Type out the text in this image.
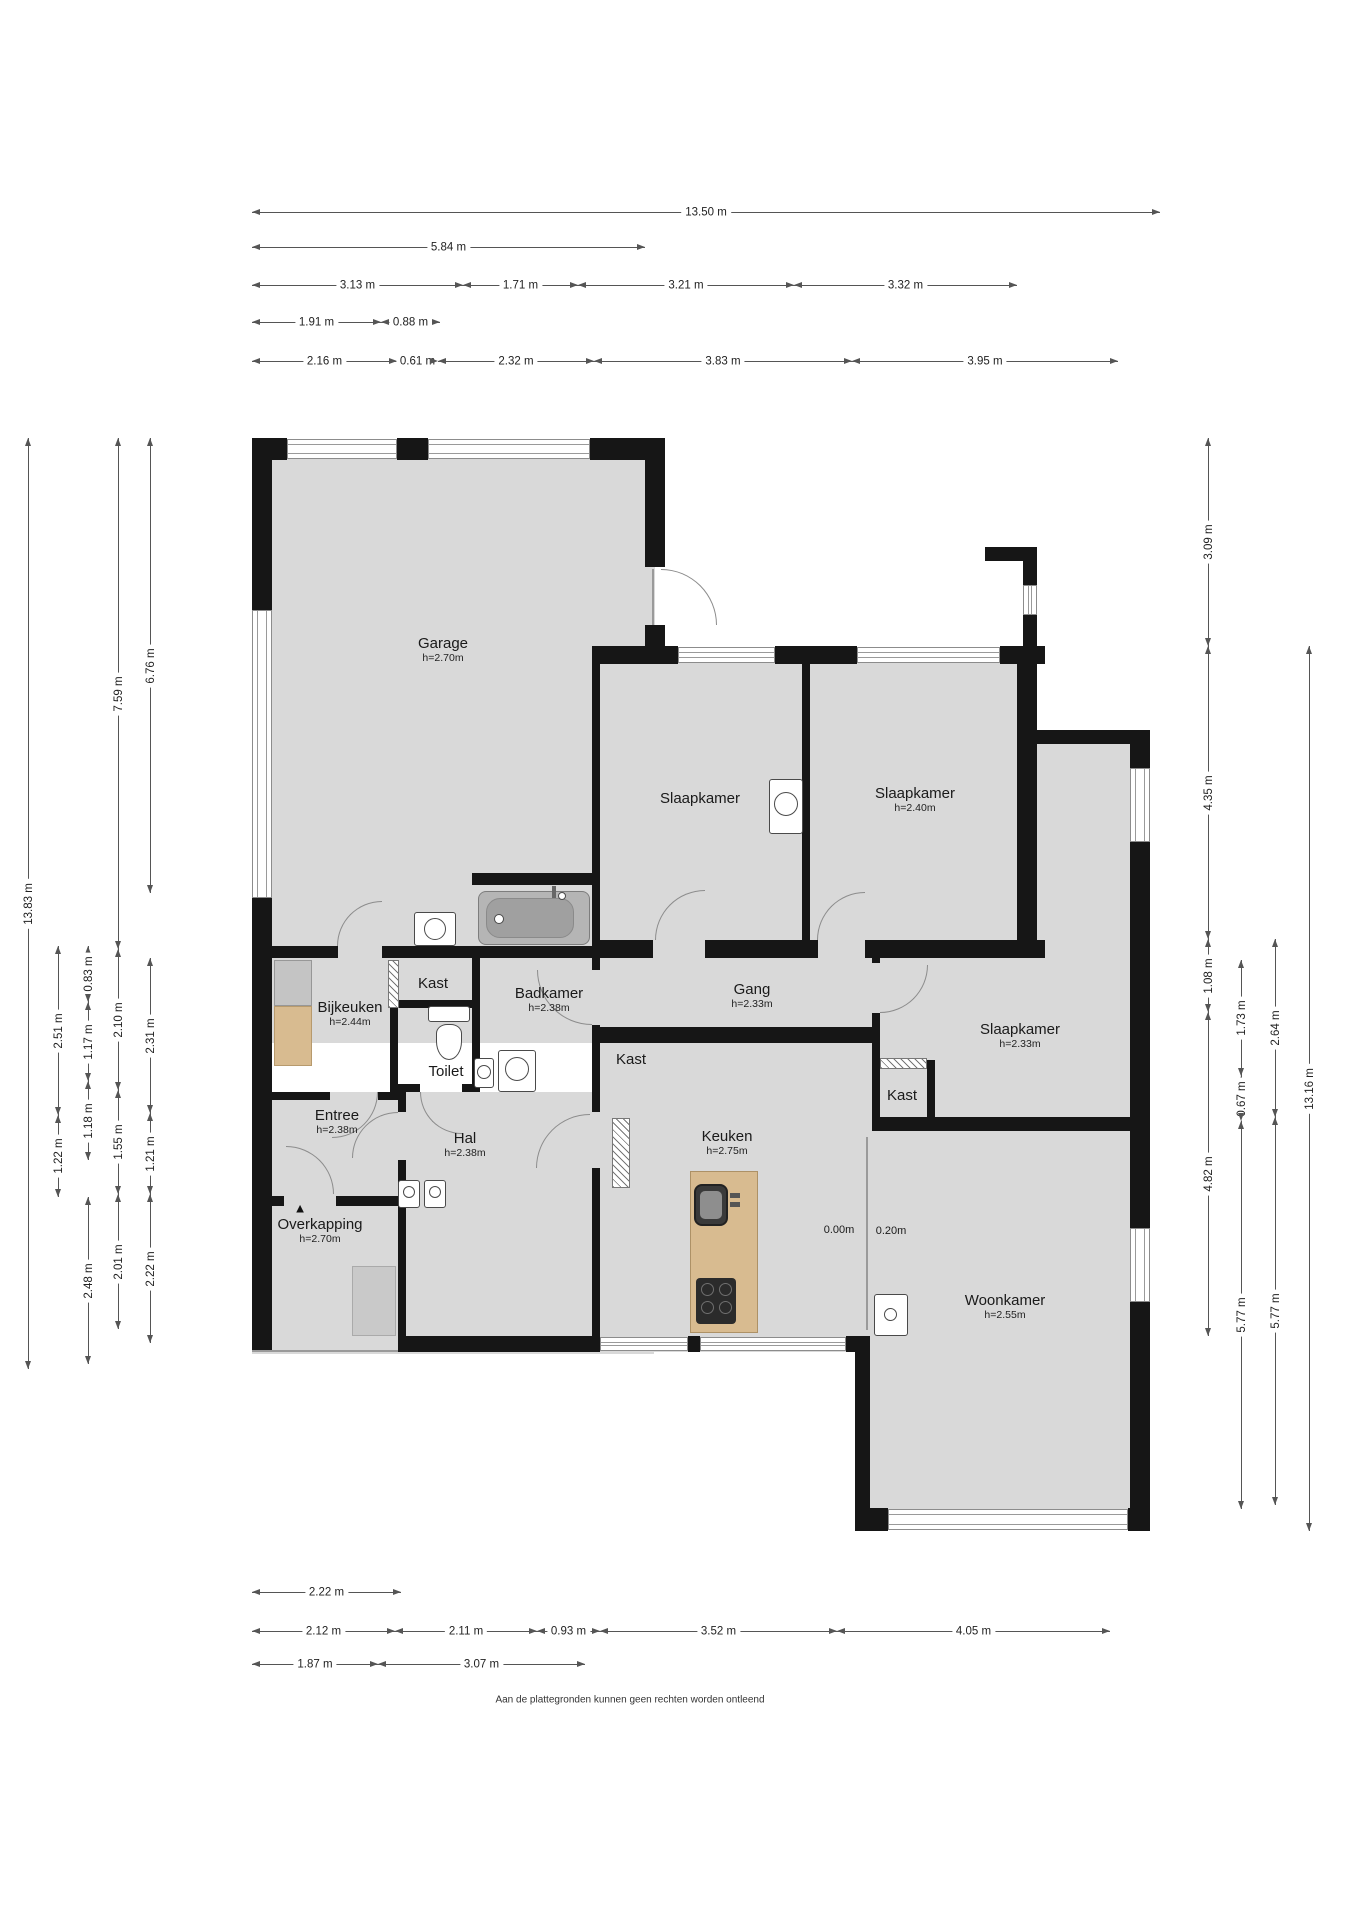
13.50 m
5.84 m
3.13 m	1.71 m	3.21 m	3.32 m
1.91 m	0.88 m
2.16 m	0.61 m	2.32 m	3.83 m	3.95 m
13.83 m
2.51 m
1.22 m
0.83 m
1.17 m
1.18 m
2.48 m
7.59 m
2.10 m
1.55 m
2.01 m
6.76 m
2.31 m
1.21 m
2.22 m
3.09 m
4.35 m
1.08 m
4.82 m
1.73 m
0.67 m
5.77 m
2.64 m
5.77 m
13.16 m
2.22 m
2.12 m	2.11 m	0.93 m	3.52 m	4.05 m
1.87 m	3.07 m
Garage
h=2.70m
Slaapkamer	Slaapkamer
h=2.40m
Slaapkamer
h=2.33m
Bijkeuken
h=2.44m
Kast
Badkamer
h=2.38m
Toilet
Kast
Gang
h=2.33m
Kast
Keuken
h=2.75m
Entree
h=2.38m
Hal
h=2.38m
Overkapping
h=2.70m
Woonkamer
h=2.55m
0.00m 0.20m
▲
Aan de plattegronden kunnen geen rechten worden ontleend
